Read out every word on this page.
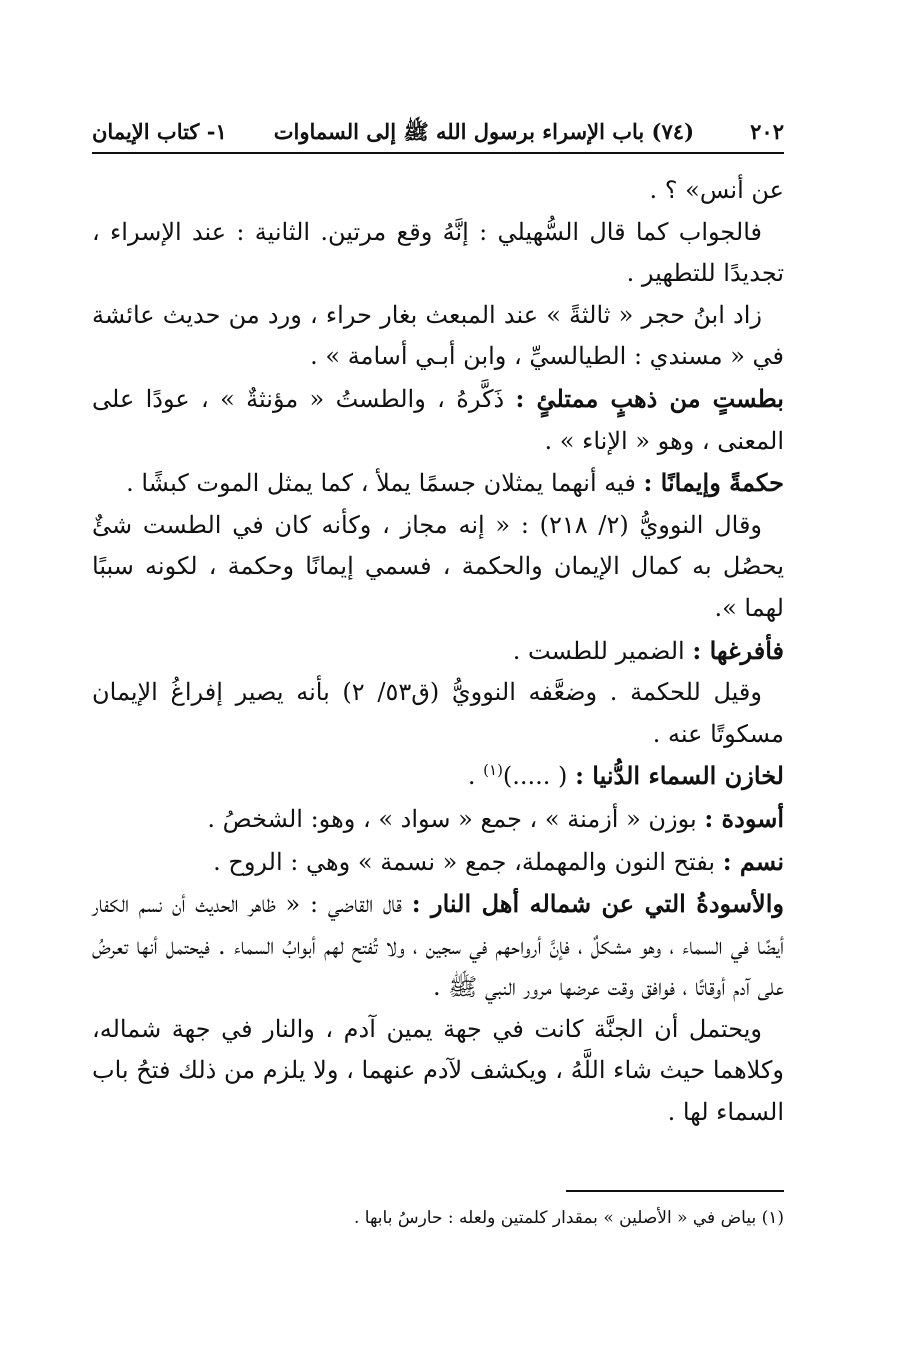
٢٠٢
(٧٤) باب الإسراء برسول الله ﷺ إلى السماوات
١- كتاب الإيمان

عن أنس» ؟ .

فالجواب كما قال السُّهيلي : إنَّهُ وقع مرتين. الثانية : عند الإسراء ، تجديدًا للتطهير .

زاد ابنُ حجر « ثالثةً » عند المبعث بغار حراء ، ورد من حديث عائشة في « مسندي : الطيالسيِّ ، وابن أبـي أسامة » .

بطستٍ من ذهبٍ ممتلئٍ : ذَكَّرهُ ، والطستُ « مؤنثةٌ » ، عودًا على المعنى ، وهو « الإناء » .

حكمةً وإيمانًا : فيه أنهما يمثلان جسمًا يملأ ، كما يمثل الموت كبشًا .

وقال النوويُّ (٢/ ٢١٨) : « إنه مجاز ، وكأنه كان في الطست شئٌ يحصُل به كمال الإيمان والحكمة ، فسمي إيمانًا وحكمة ، لكونه سببًا لهما ».

فأفرغها : الضمير للطست .

وقيل للحكمة . وضعَّفه النوويُّ (ق٥٣/ ٢) بأنه يصير إفراغُ الإيمان مسكوتًا عنه .

لخازن السماء الدُّنيا : ( .....)$^{(١)}$ .

أسودة : بوزن « أزمنة » ، جمع « سواد » ، وهو: الشخصُ .

نسم : بفتح النون والمهملة، جمع « نسمة » وهي : الروح .

والأسودةُ التي عن شماله أهل النار : قال القاضي : « ظاهر الحديث أن نسم الكفار أيضًا في السماء ، وهو مشكلٌ ، فإنَّ أرواحهم في سجين ، ولا تُفتح لهم أبوابُ السماء . فيحتمل أنها تعرضُ على آدم أوقاتًا ، فوافق وقت عرضها مرور النبي ﷺ .

ويحتمل أن الجنَّة كانت في جهة يمين آدم ، والنار في جهة شماله، وكلاهما حيث شاء اللَّهُ ، ويكشف لآدم عنهما ، ولا يلزم من ذلك فتحُ باب السماء لها .

(١) بياض في « الأصلين » بمقدار كلمتين ولعله : حارسُ بابها .
